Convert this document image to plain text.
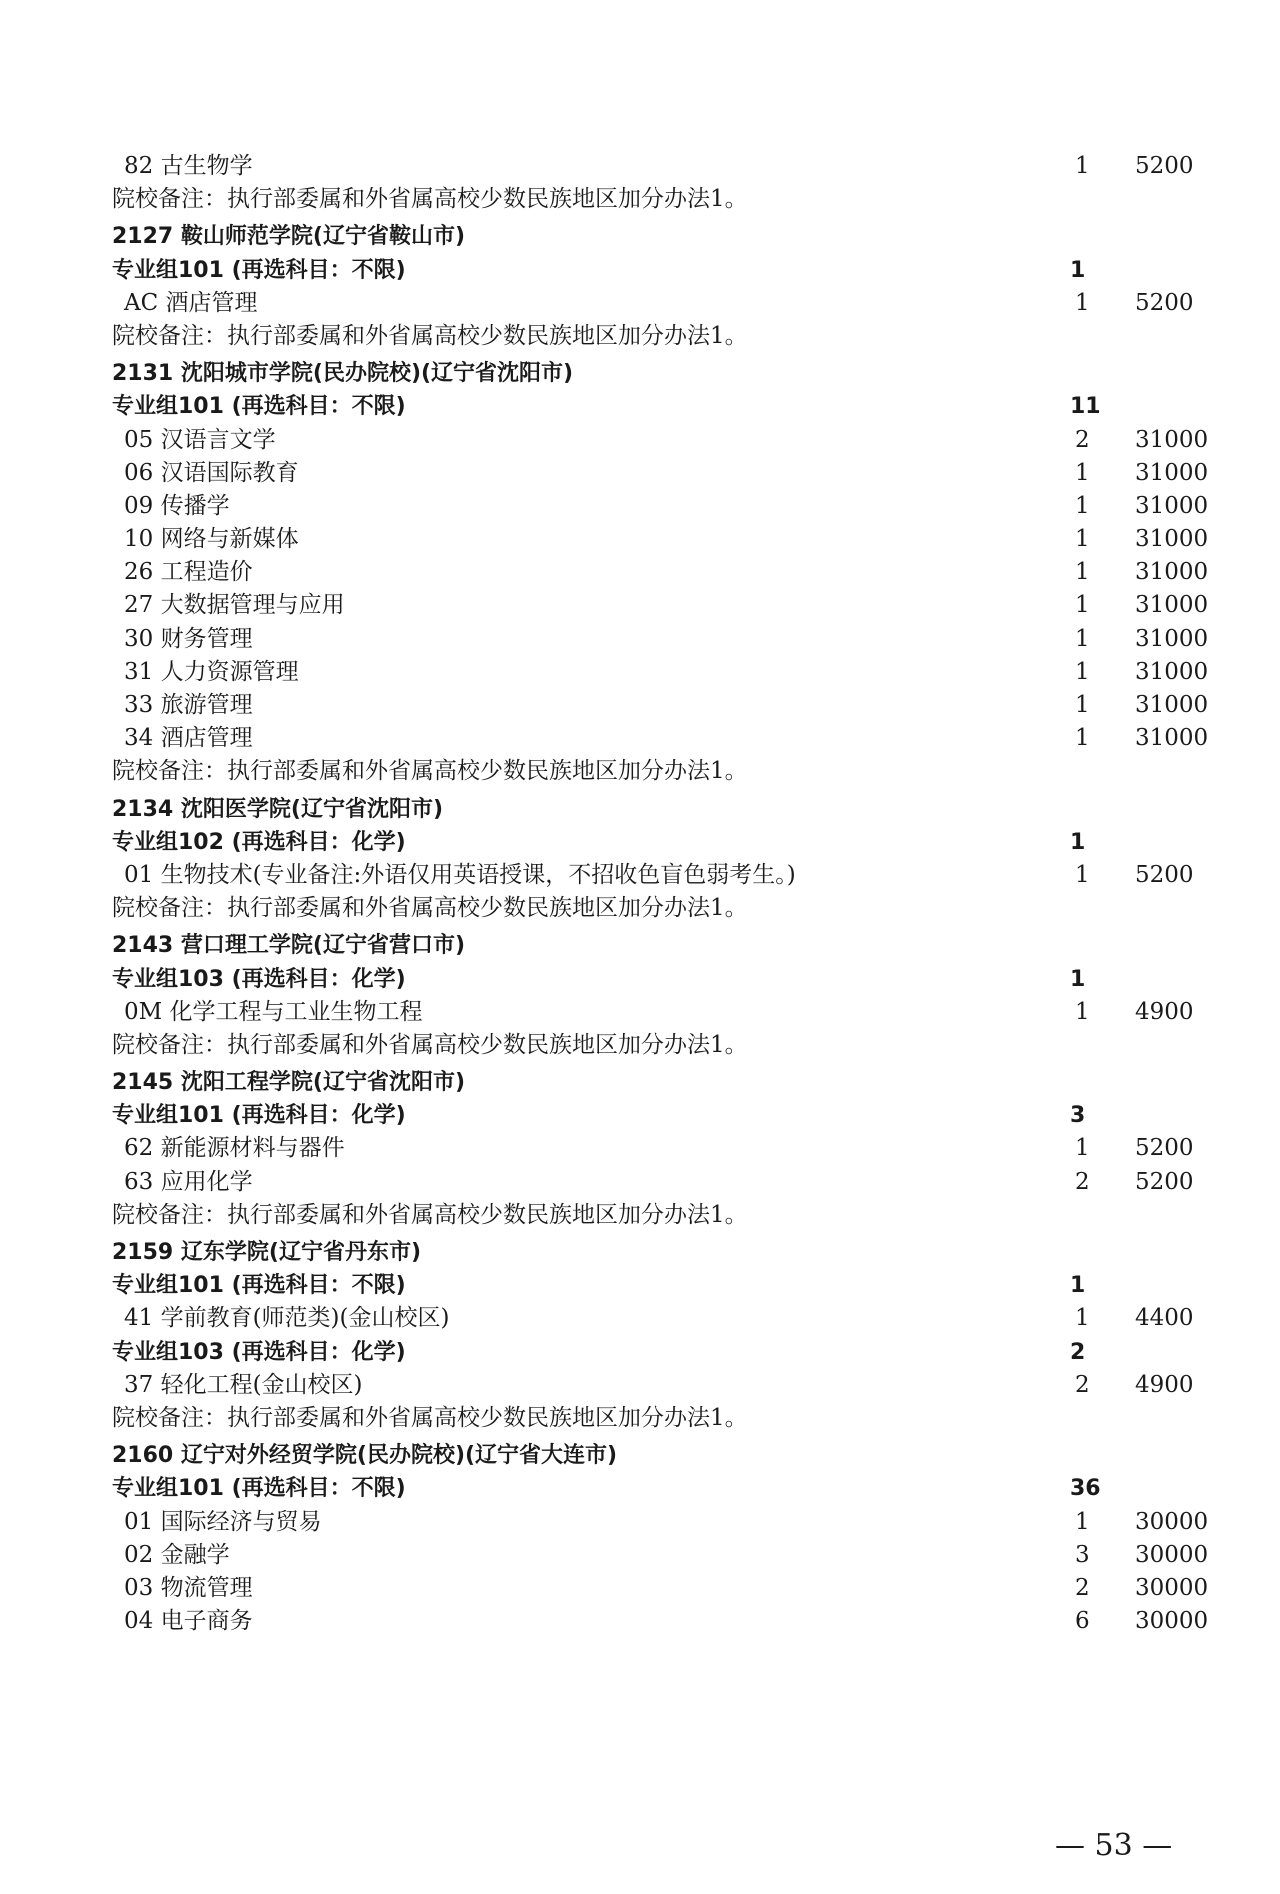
82 古生物学	1 5200
院校备注：执行部委属和外省属高校少数民族地区加分办法1。
2127 鞍山师范学院(辽宁省鞍山市)
专业组101 (再选科目：不限)	1
AC 酒店管理	1 5200
院校备注：执行部委属和外省属高校少数民族地区加分办法1。
2131 沈阳城市学院(民办院校)(辽宁省沈阳市)
专业组101 (再选科目：不限)	11
05 汉语言文学	2 31000
06 汉语国际教育	1 31000
09 传播学	1 31000
10 网络与新媒体	1 31000
26 工程造价	1 31000
27 大数据管理与应用	1 31000
30 财务管理	1 31000
31 人力资源管理	1 31000
33 旅游管理	1 31000
34 酒店管理	1 31000
院校备注：执行部委属和外省属高校少数民族地区加分办法1。
2134 沈阳医学院(辽宁省沈阳市)
专业组102 (再选科目：化学)	1
01 生物技术(专业备注:外语仅用英语授课，不招收色盲色弱考生。)	1 5200
院校备注：执行部委属和外省属高校少数民族地区加分办法1。
2143 营口理工学院(辽宁省营口市)
专业组103 (再选科目：化学)	1
0M 化学工程与工业生物工程	1 4900
院校备注：执行部委属和外省属高校少数民族地区加分办法1。
2145 沈阳工程学院(辽宁省沈阳市)
专业组101 (再选科目：化学)	3
62 新能源材料与器件	1 5200
63 应用化学	2 5200
院校备注：执行部委属和外省属高校少数民族地区加分办法1。
2159 辽东学院(辽宁省丹东市)
专业组101 (再选科目：不限)	1
41 学前教育(师范类)(金山校区)	1 4400
专业组103 (再选科目：化学)	2
37 轻化工程(金山校区)	2 4900
院校备注：执行部委属和外省属高校少数民族地区加分办法1。
2160 辽宁对外经贸学院(民办院校)(辽宁省大连市)
专业组101 (再选科目：不限)	36
01 国际经济与贸易	1 30000
02 金融学	3 30000
03 物流管理	2 30000
04 电子商务	6 30000
— 53 —
